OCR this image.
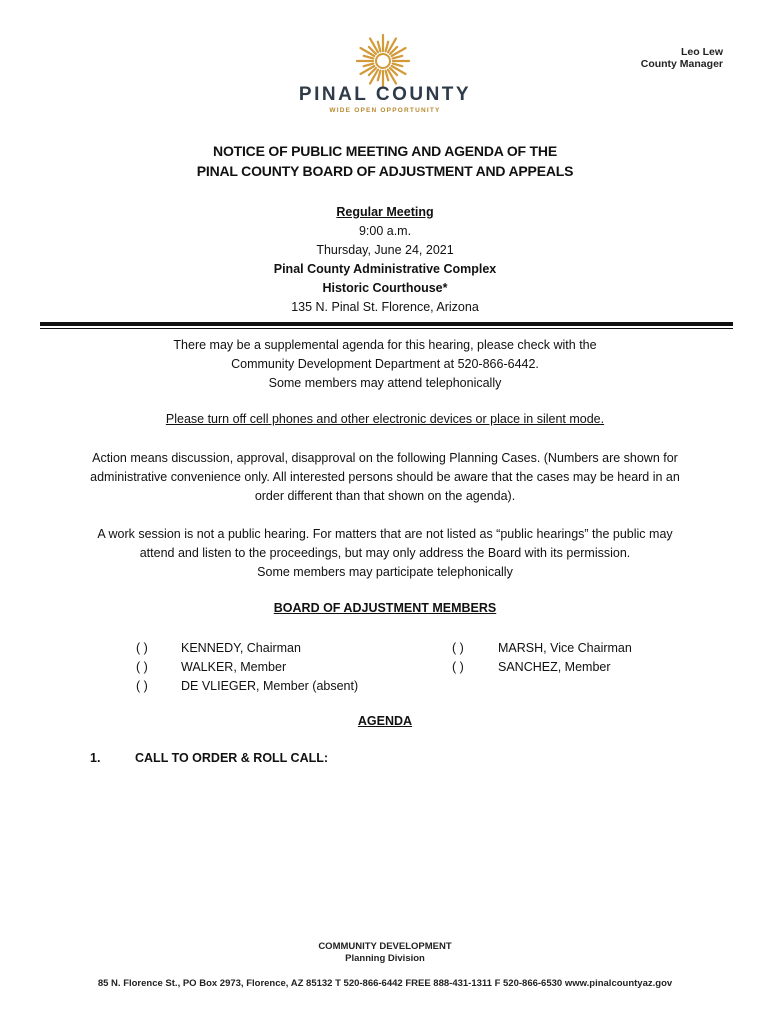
Leo Lew
County Manager
PINAL COUNTY
WIDE OPEN OPPORTUNITY
NOTICE OF PUBLIC MEETING AND AGENDA OF THE
PINAL COUNTY BOARD OF ADJUSTMENT AND APPEALS
Regular Meeting
9:00 a.m.
Thursday, June 24, 2021
Pinal County Administrative Complex
Historic Courthouse*
135 N. Pinal St. Florence, Arizona
There may be a supplemental agenda for this hearing, please check with the
Community Development Department at 520-866-6442.
Some members may attend telephonically
Please turn off cell phones and other electronic devices or place in silent mode.
Action means discussion, approval, disapproval on the following Planning Cases. (Numbers are shown for
administrative convenience only. All interested persons should be aware that the cases may be heard in an
order different than that shown on the agenda).
A work session is not a public hearing. For matters that are not listed as “public hearings” the public may
attend and listen to the proceedings, but may only address the Board with its permission.
Some members may participate telephonically
BOARD OF ADJUSTMENT MEMBERS
( )
( )
( )
KENNEDY, Chairman
WALKER, Member
DE VLIEGER, Member (absent)
( )
( )
MARSH, Vice Chairman
SANCHEZ, Member
AGENDA
1.	CALL TO ORDER & ROLL CALL:
COMMUNITY DEVELOPMENT
Planning Division
85 N. Florence St., PO Box 2973, Florence, AZ 85132 T 520-866-6442 FREE 888-431-1311 F 520-866-6530 www.pinalcountyaz.gov
